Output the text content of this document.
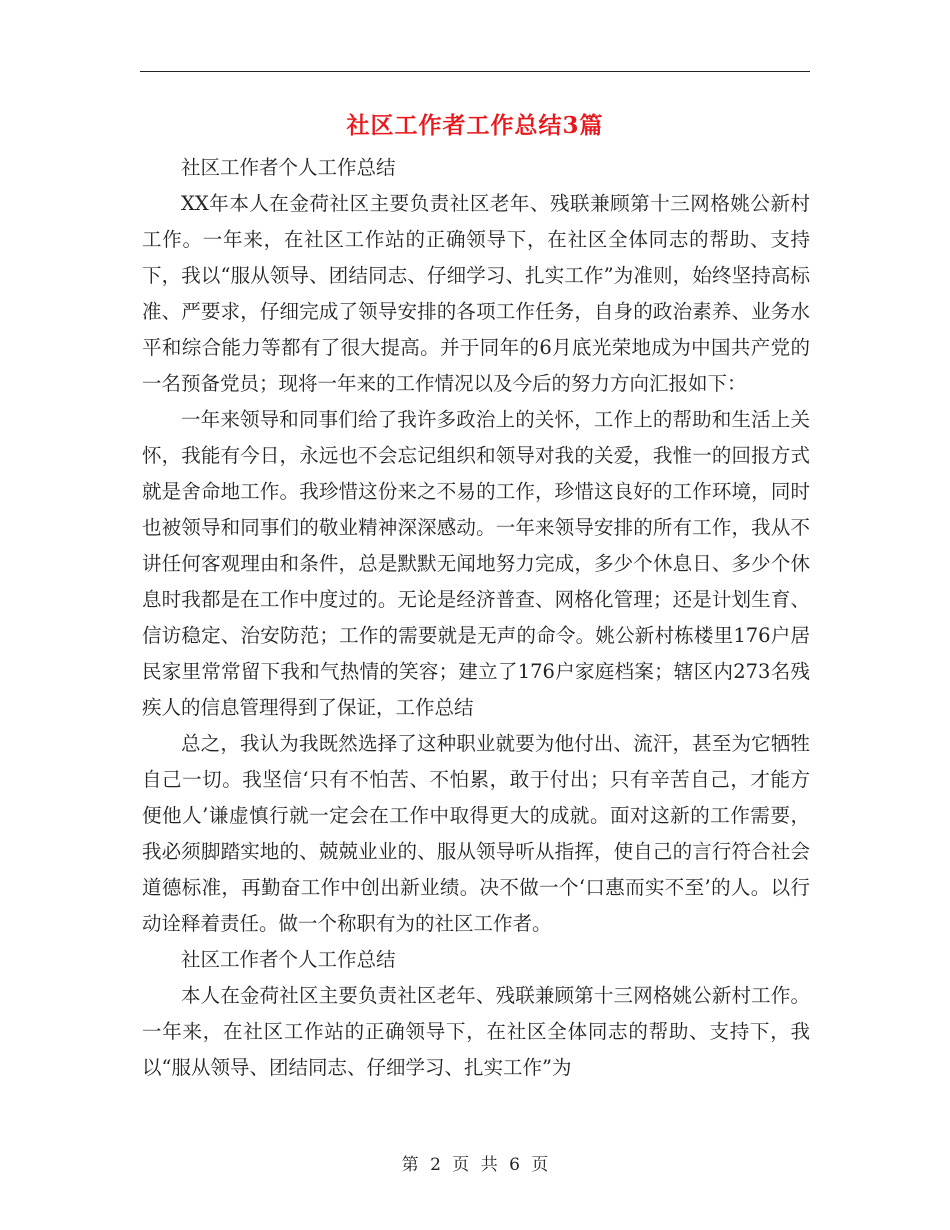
社区工作者工作总结3篇

社区工作者个人工作总结

XX年本人在金荷社区主要负责社区老年、残联兼顾第十三网格姚公新村工作。一年来，在社区工作站的正确领导下，在社区全体同志的帮助、支持下，我以“服从领导、团结同志、仔细学习、扎实工作”为准则，始终坚持高标准、严要求，仔细完成了领导安排的各项工作任务，自身的政治素养、业务水平和综合能力等都有了很大提高。并于同年的6月底光荣地成为中国共产党的一名预备党员；现将一年来的工作情况以及今后的努力方向汇报如下：

一年来领导和同事们给了我许多政治上的关怀，工作上的帮助和生活上关怀，我能有今日，永远也不会忘记组织和领导对我的关爱，我惟一的回报方式就是舍命地工作。我珍惜这份来之不易的工作，珍惜这良好的工作环境，同时也被领导和同事们的敬业精神深深感动。一年来领导安排的所有工作，我从不讲任何客观理由和条件，总是默默无闻地努力完成，多少个休息日、多少个休息时我都是在工作中度过的。无论是经济普查、网格化管理；还是计划生育、信访稳定、治安防范；工作的需要就是无声的命令。姚公新村栋楼里176户居民家里常常留下我和气热情的笑容；建立了176户家庭档案；辖区内273名残疾人的信息管理得到了保证，工作总结

总之，我认为我既然选择了这种职业就要为他付出、流汗，甚至为它牺牲自己一切。我坚信‘只有不怕苦、不怕累，敢于付出；只有辛苦自己，才能方便他人’谦虚慎行就一定会在工作中取得更大的成就。面对这新的工作需要，我必须脚踏实地的、兢兢业业的、服从领导听从指挥，使自己的言行符合社会道德标准，再勤奋工作中创出新业绩。决不做一个‘口惠而实不至’的人。以行动诠释着责任。做一个称职有为的社区工作者。

社区工作者个人工作总结

本人在金荷社区主要负责社区老年、残联兼顾第十三网格姚公新村工作。一年来，在社区工作站的正确领导下，在社区全体同志的帮助、支持下，我以“服从领导、团结同志、仔细学习、扎实工作”为

第 2 页 共 6 页
